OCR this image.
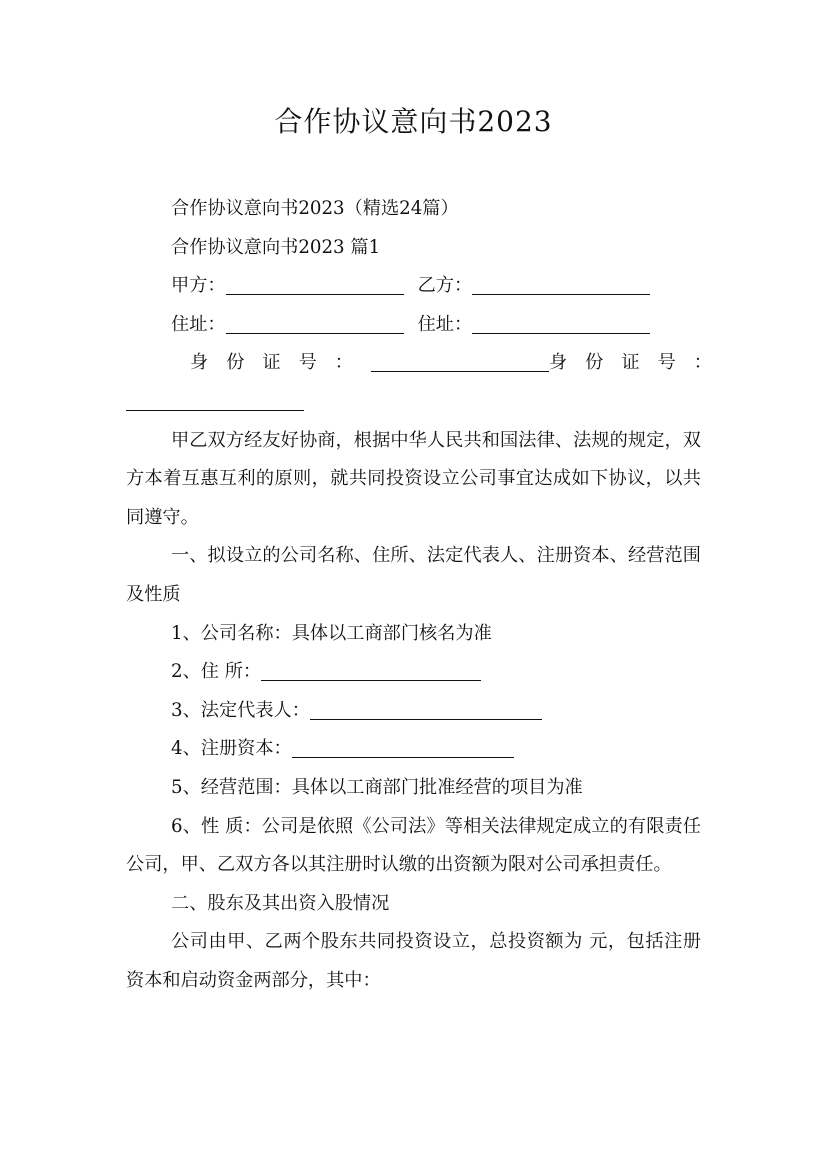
合作协议意向书2023

合作协议意向书2023（精选24篇）

合作协议意向书2023 篇1

甲方：	乙方：

住址：	住址：

身份证号：	身份证号：

甲乙双方经友好协商，根据中华人民共和国法律、法规的规定，双方本着互惠互利的原则，就共同投资设立公司事宜达成如下协议，以共同遵守。

一、拟设立的公司名称、住所、法定代表人、注册资本、经营范围及性质

1、公司名称：具体以工商部门核名为准

2、住 所：

3、法定代表人：

4、注册资本：

5、经营范围：具体以工商部门批准经营的项目为准

6、性 质：公司是依照《公司法》等相关法律规定成立的有限责任公司，甲、乙双方各以其注册时认缴的出资额为限对公司承担责任。

二、股东及其出资入股情况

公司由甲、乙两个股东共同投资设立，总投资额为 元，包括注册资本和启动资金两部分，其中：
